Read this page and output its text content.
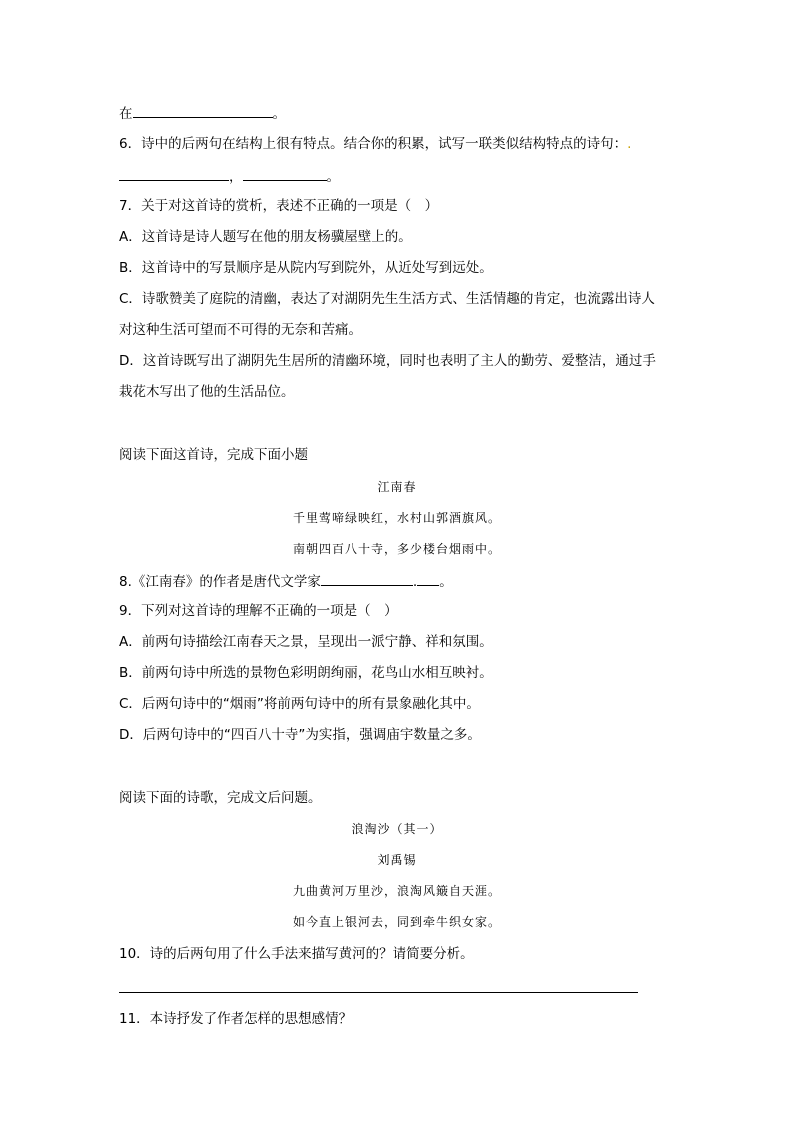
在	。
6．诗中的后两句在结构上很有特点。结合你的积累，试写一联类似结构特点的诗句：.
，	。
7．关于对这首诗的赏析，表述不正确的一项是（　）
A．这首诗是诗人题写在他的朋友杨骥屋壁上的。
B．这首诗中的写景顺序是从院内写到院外，从近处写到远处。
C．诗歌赞美了庭院的清幽，表达了对湖阴先生生活方式、生活情趣的肯定，也流露出诗人
对这种生活可望而不可得的无奈和苦痛。
D．这首诗既写出了湖阴先生居所的清幽环境，同时也表明了主人的勤劳、爱整洁，通过手
栽花木写出了他的生活品位。
阅读下面这首诗，完成下面小题
江南春
千里莺啼绿映红，水村山郭酒旗风。
南朝四百八十寺，多少楼台烟雨中。
8.《江南春》的作者是唐代文学家	. 。
9．下列对这首诗的理解不正确的一项是（　）
A．前两句诗描绘江南春天之景，呈现出一派宁静、祥和氛围。
B．前两句诗中所选的景物色彩明朗绚丽，花鸟山水相互映衬。
C．后两句诗中的“烟雨”将前两句诗中的所有景象融化其中。
D．后两句诗中的“四百八十寺”为实指，强调庙宇数量之多。
阅读下面的诗歌，完成文后问题。
浪淘沙（其一）
刘禹锡
九曲黄河万里沙，浪淘风簸自天涯。
如今直上银河去，同到牵牛织女家。
10．诗的后两句用了什么手法来描写黄河的？请简要分析。
11．本诗抒发了作者怎样的思想感情？
